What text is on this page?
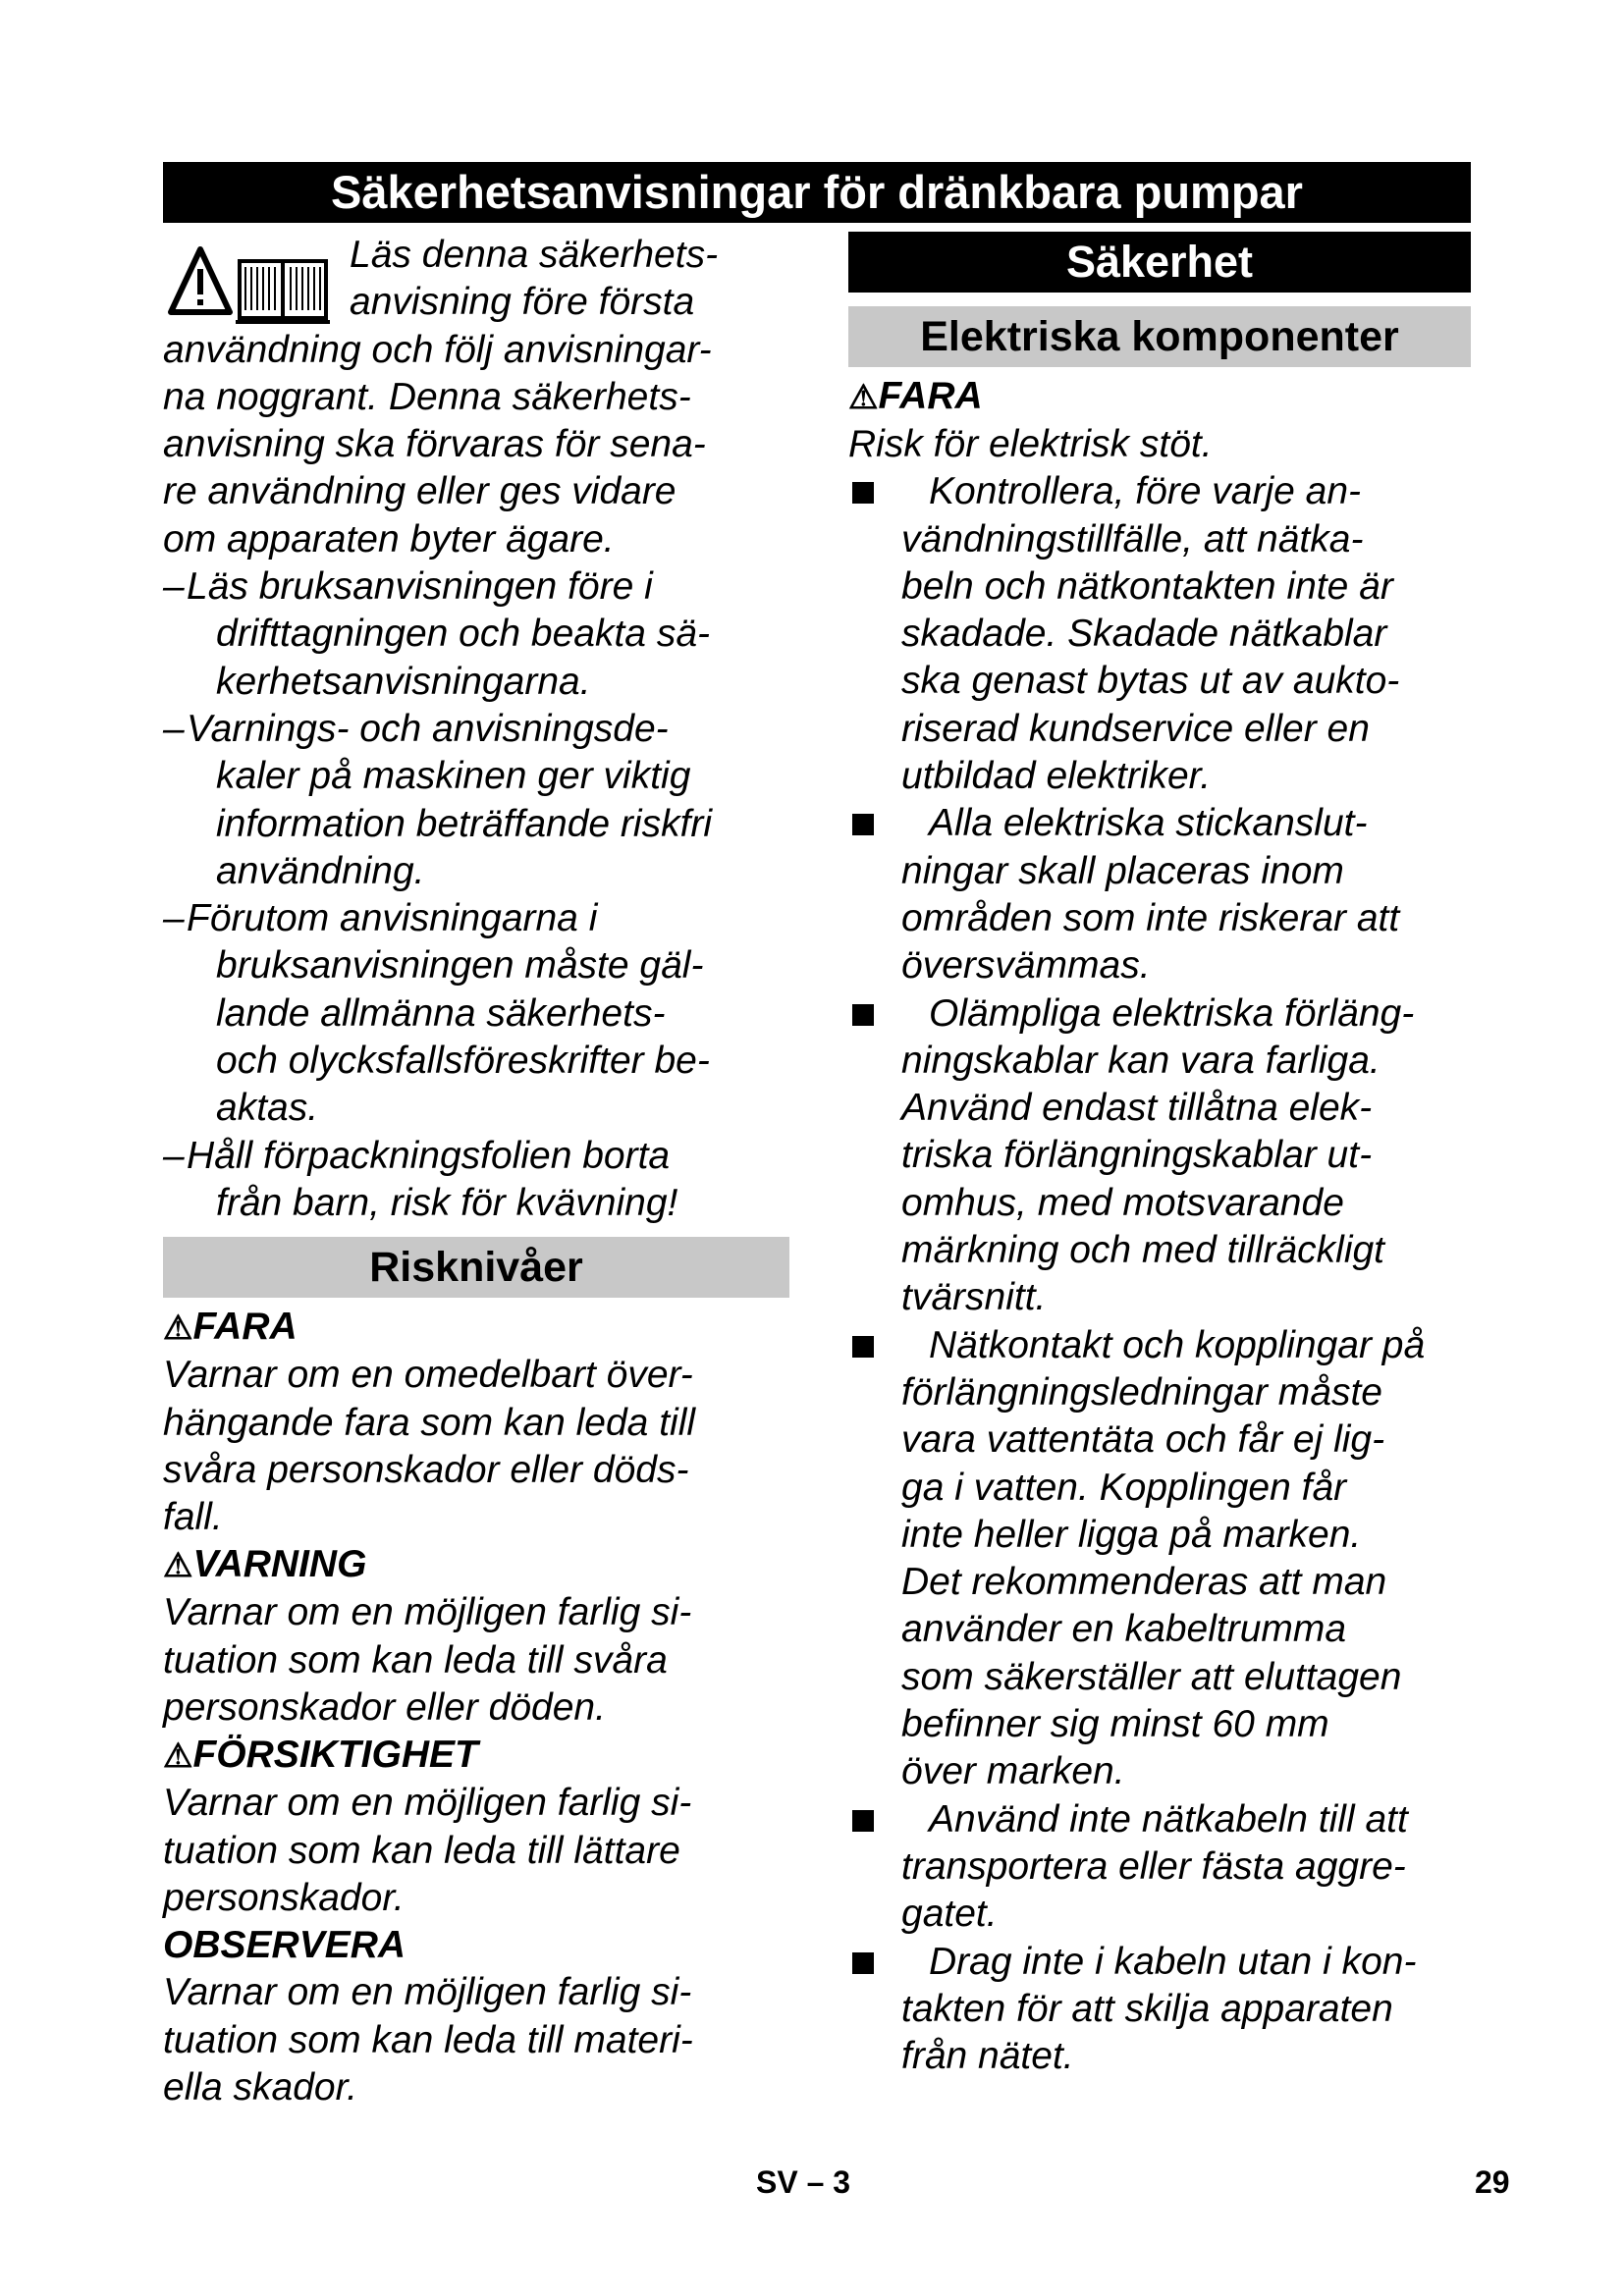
Säkerhetsanvisningar för dränkbara pumpar
Läs denna säkerhets-
anvisning före första
användning och följ anvisningar-
na noggrant. Denna säkerhets-
anvisning ska förvaras för sena-
re användning eller ges vidare
om apparaten byter ägare.
– Läs bruksanvisningen före i
drifttagningen och beakta sä-
kerhetsanvisningarna.
– Varnings- och anvisningsde-
kaler på maskinen ger viktig
information beträffande riskfri
användning.
– Förutom anvisningarna i
bruksanvisningen måste gäl-
lande allmänna säkerhets-
och olycksfallsföreskrifter be-
aktas.
– Håll förpackningsfolien borta
från barn, risk för kvävning!
Risknivåer
⚠FARA
Varnar om en omedelbart över-
hängande fara som kan leda till
svåra personskador eller döds-
fall.
⚠VARNING
Varnar om en möjligen farlig si-
tuation som kan leda till svåra
personskador eller döden.
⚠FÖRSIKTIGHET
Varnar om en möjligen farlig si-
tuation som kan leda till lättare
personskador.
OBSERVERA
Varnar om en möjligen farlig si-
tuation som kan leda till materi-
ella skador.
Säkerhet
Elektriska komponenter
⚠FARA
Risk för elektrisk stöt.
Kontrollera, före varje an-
vändningstillfälle, att nätka-
beln och nätkontakten inte är
skadade. Skadade nätkablar
ska genast bytas ut av aukto-
riserad kundservice eller en
utbildad elektriker.
Alla elektriska stickanslut-
ningar skall placeras inom
områden som inte riskerar att
översvämmas.
Olämpliga elektriska förläng-
ningskablar kan vara farliga.
Använd endast tillåtna elek-
triska förlängningskablar ut-
omhus, med motsvarande
märkning och med tillräckligt
tvärsnitt.
Nätkontakt och kopplingar på
förlängningsledningar måste
vara vattentäta och får ej lig-
ga i vatten. Kopplingen får
inte heller ligga på marken.
Det rekommenderas att man
använder en kabeltrumma
som säkerställer att eluttagen
befinner sig minst 60 mm
över marken.
Använd inte nätkabeln till att
transportera eller fästa aggre-
gatet.
Drag inte i kabeln utan i kon-
takten för att skilja apparaten
från nätet.
SV – 3	29
